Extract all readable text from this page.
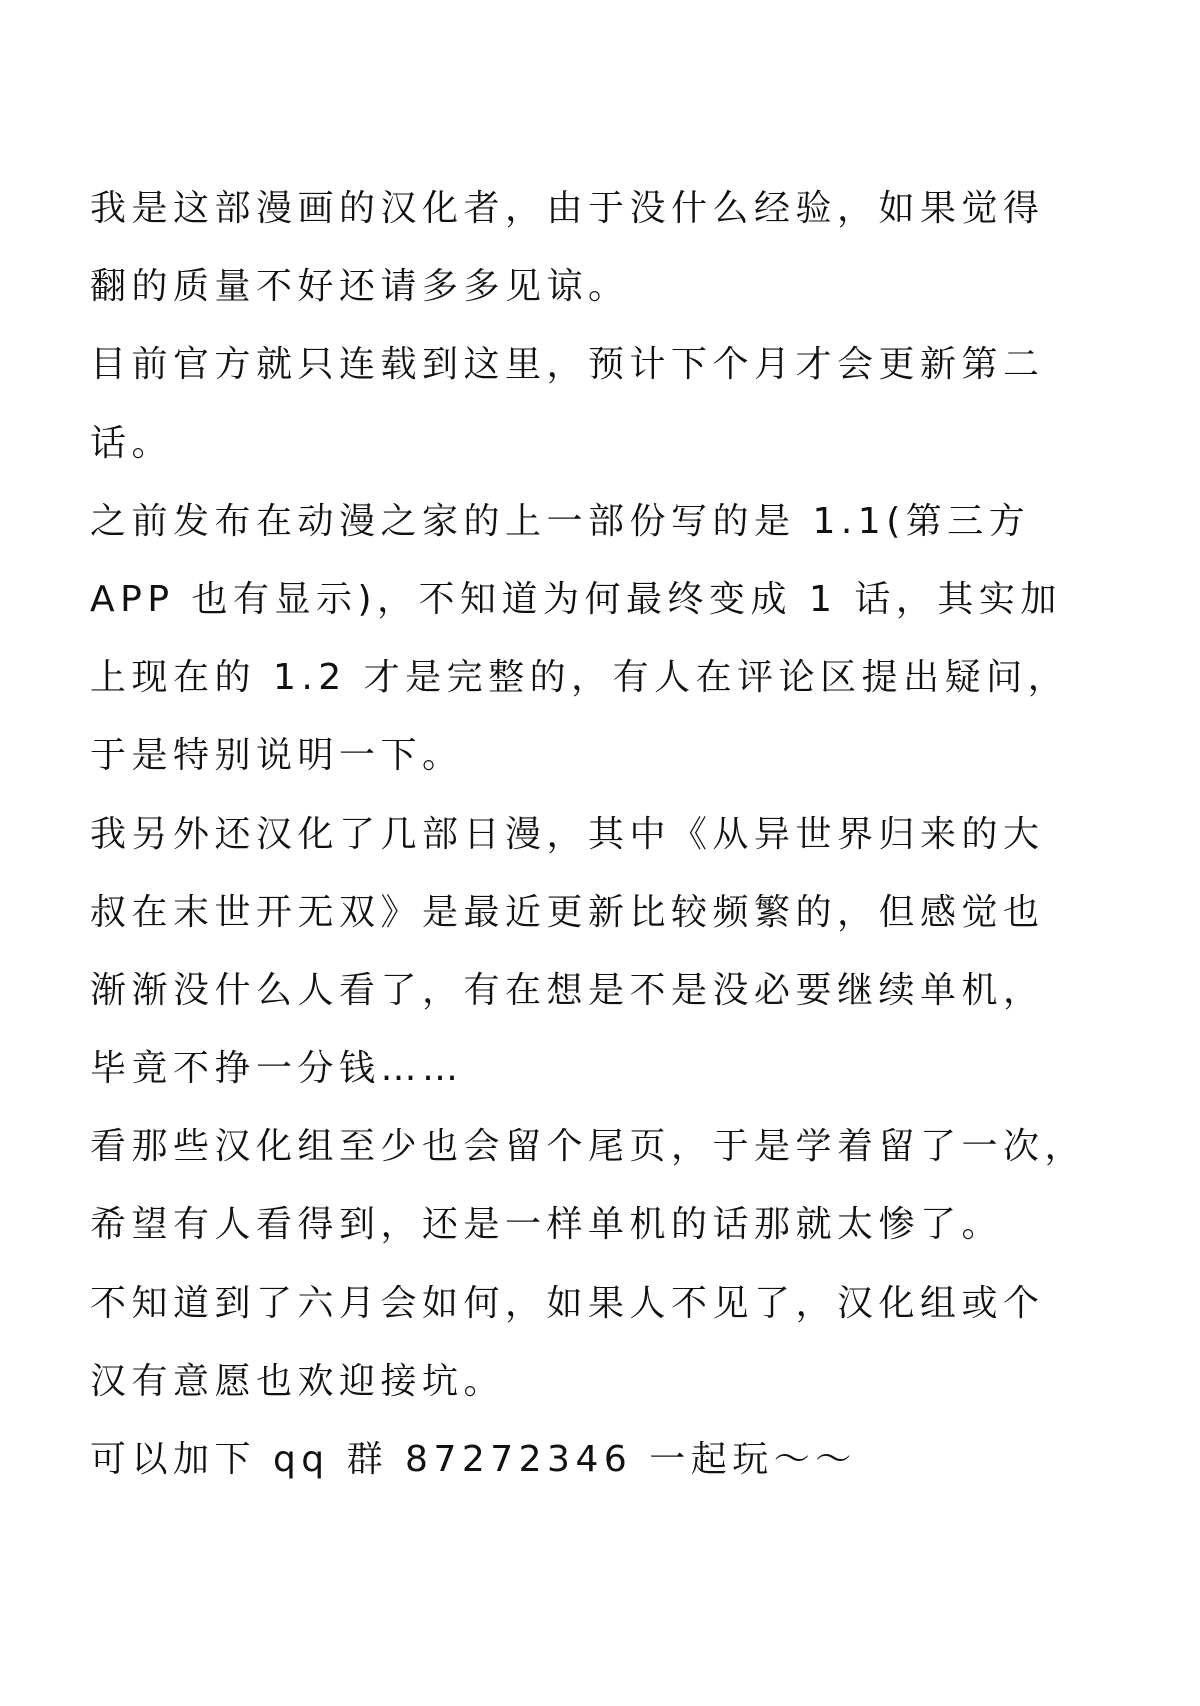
我是这部漫画的汉化者，由于没什么经验，如果觉得
翻的质量不好还请多多见谅。
目前官方就只连载到这里，预计下个月才会更新第二
话。
之前发布在动漫之家的上一部份写的是 1.1(第三方
APP 也有显示)，不知道为何最终变成 1 话，其实加
上现在的 1.2 才是完整的，有人在评论区提出疑问，
于是特别说明一下。
我另外还汉化了几部日漫，其中《从异世界归来的大
叔在末世开无双》是最近更新比较频繁的，但感觉也
渐渐没什么人看了，有在想是不是没必要继续单机，
毕竟不挣一分钱……
看那些汉化组至少也会留个尾页，于是学着留了一次，
希望有人看得到，还是一样单机的话那就太惨了。
不知道到了六月会如何，如果人不见了，汉化组或个
汉有意愿也欢迎接坑。
可以加下 qq 群 87272346 一起玩～～
